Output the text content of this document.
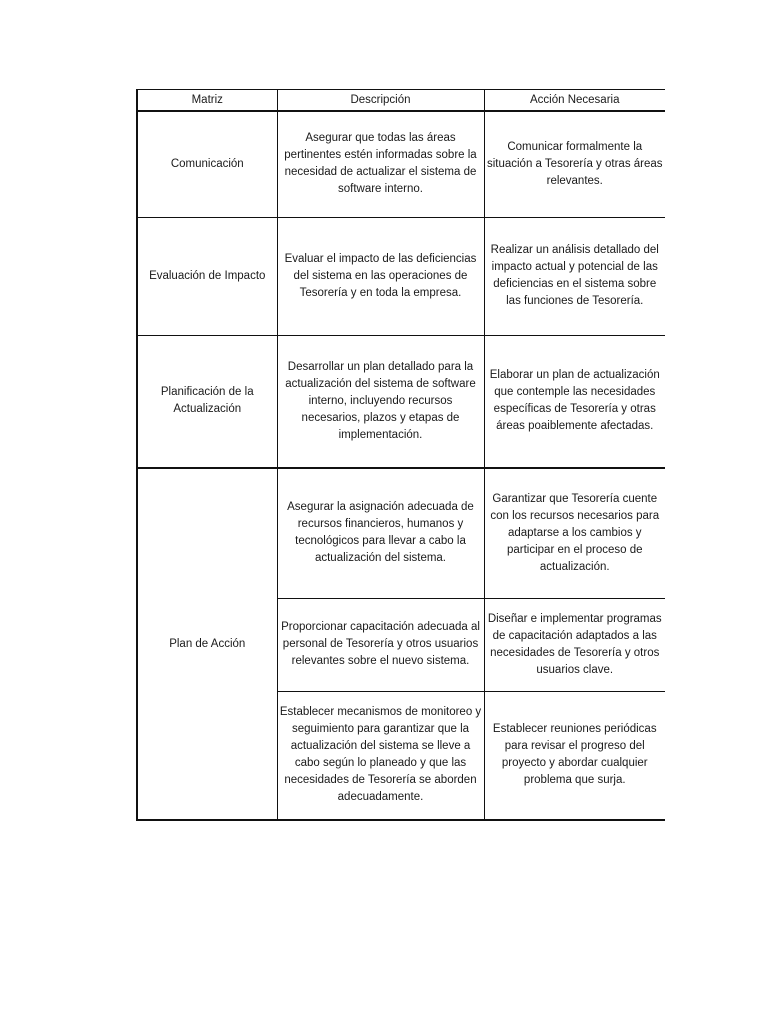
Matriz	Descripción	Acción Necesaria
Comunicación	Asegurar que todas las áreas pertinentes estén informadas sobre la necesidad de actualizar el sistema de software interno.	Comunicar formalmente la situación a Tesorería y otras áreas relevantes.
Evaluación de Impacto	Evaluar el impacto de las deficiencias del sistema en las operaciones de Tesorería y en toda la empresa.	Realizar un análisis detallado del impacto actual y potencial de las deficiencias en el sistema sobre las funciones de Tesorería.
Planificación de la Actualización	Desarrollar un plan detallado para la actualización del sistema de software interno, incluyendo recursos necesarios, plazos y etapas de implementación.	Elaborar un plan de actualización que contemple las necesidades específicas de Tesorería y otras áreas poaiblemente afectadas.
Plan de Acción	Asegurar la asignación adecuada de recursos financieros, humanos y tecnológicos para llevar a cabo la actualización del sistema.	Garantizar que Tesorería cuente con los recursos necesarios para adaptarse a los cambios y participar en el proceso de actualización.
	Proporcionar capacitación adecuada al personal de Tesorería y otros usuarios relevantes sobre el nuevo sistema.	Diseñar e implementar programas de capacitación adaptados a las necesidades de Tesorería y otros usuarios clave.
	Establecer mecanismos de monitoreo y seguimiento para garantizar que la actualización del sistema se lleve a cabo según lo planeado y que las necesidades de Tesorería se aborden adecuadamente.	Establecer reuniones periódicas para revisar el progreso del proyecto y abordar cualquier problema que surja.
